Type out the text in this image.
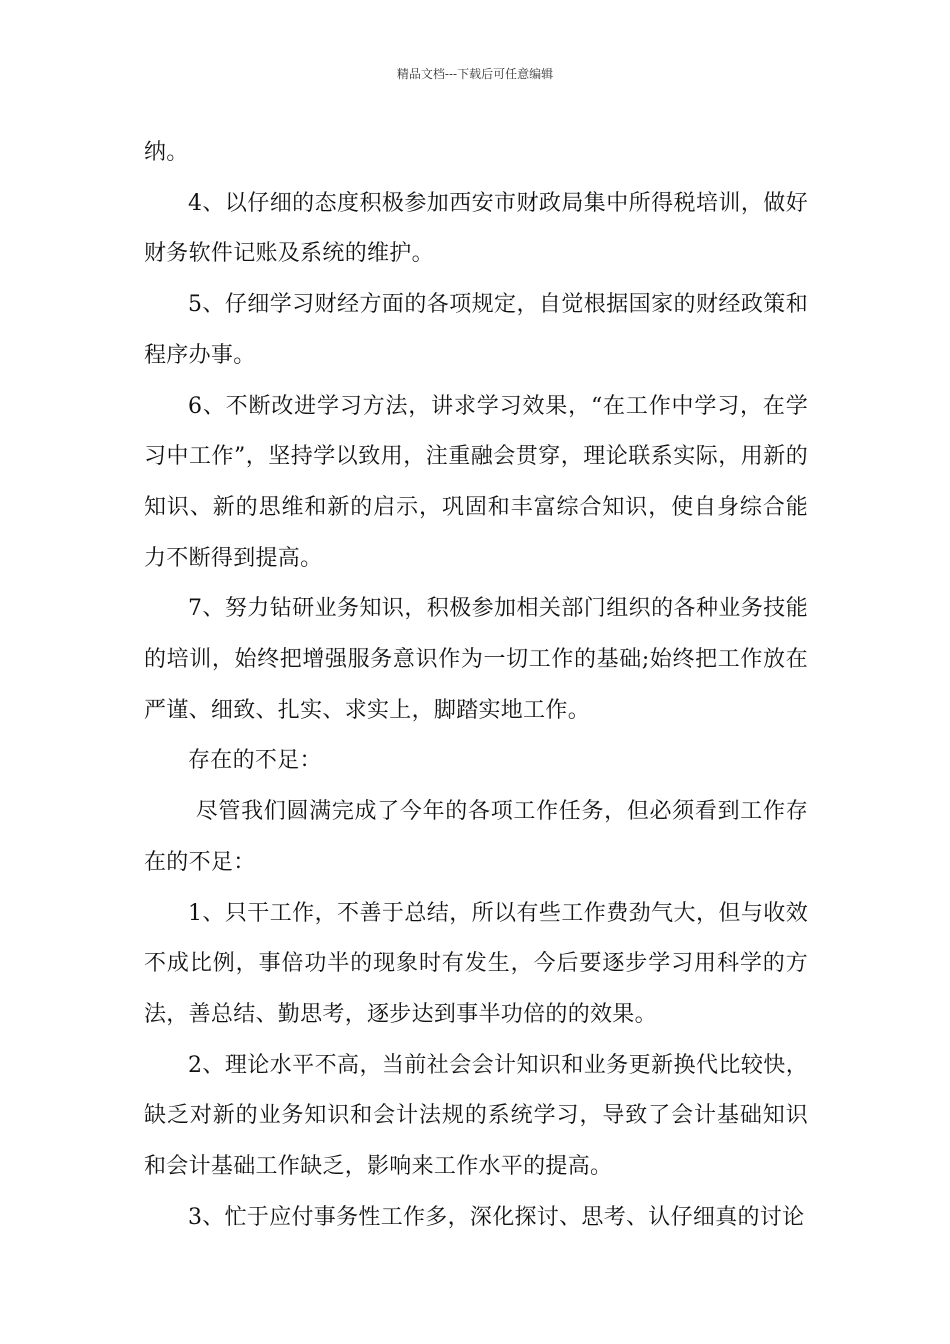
精品文档---下载后可任意编辑

纳。

4、以仔细的态度积极参加西安市财政局集中所得税培训，做好财务软件记账及系统的维护。

5、仔细学习财经方面的各项规定，自觉根据国家的财经政策和程序办事。

6、不断改进学习方法，讲求学习效果，“在工作中学习，在学习中工作”，坚持学以致用，注重融会贯穿，理论联系实际，用新的知识、新的思维和新的启示，巩固和丰富综合知识，使自身综合能力不断得到提高。

7、努力钻研业务知识，积极参加相关部门组织的各种业务技能的培训，始终把增强服务意识作为一切工作的基础;始终把工作放在严谨、细致、扎实、求实上，脚踏实地工作。

存在的不足：

尽管我们圆满完成了今年的各项工作任务，但必须看到工作存在的不足：

1、只干工作，不善于总结，所以有些工作费劲气大，但与收效不成比例，事倍功半的现象时有发生，今后要逐步学习用科学的方法，善总结、勤思考，逐步达到事半功倍的的效果。

2、理论水平不高，当前社会会计知识和业务更新换代比较快，缺乏对新的业务知识和会计法规的系统学习，导致了会计基础知识和会计基础工作缺乏，影响来工作水平的提高。

3、忙于应付事务性工作多，深化探讨、思考、认仔细真的讨论
